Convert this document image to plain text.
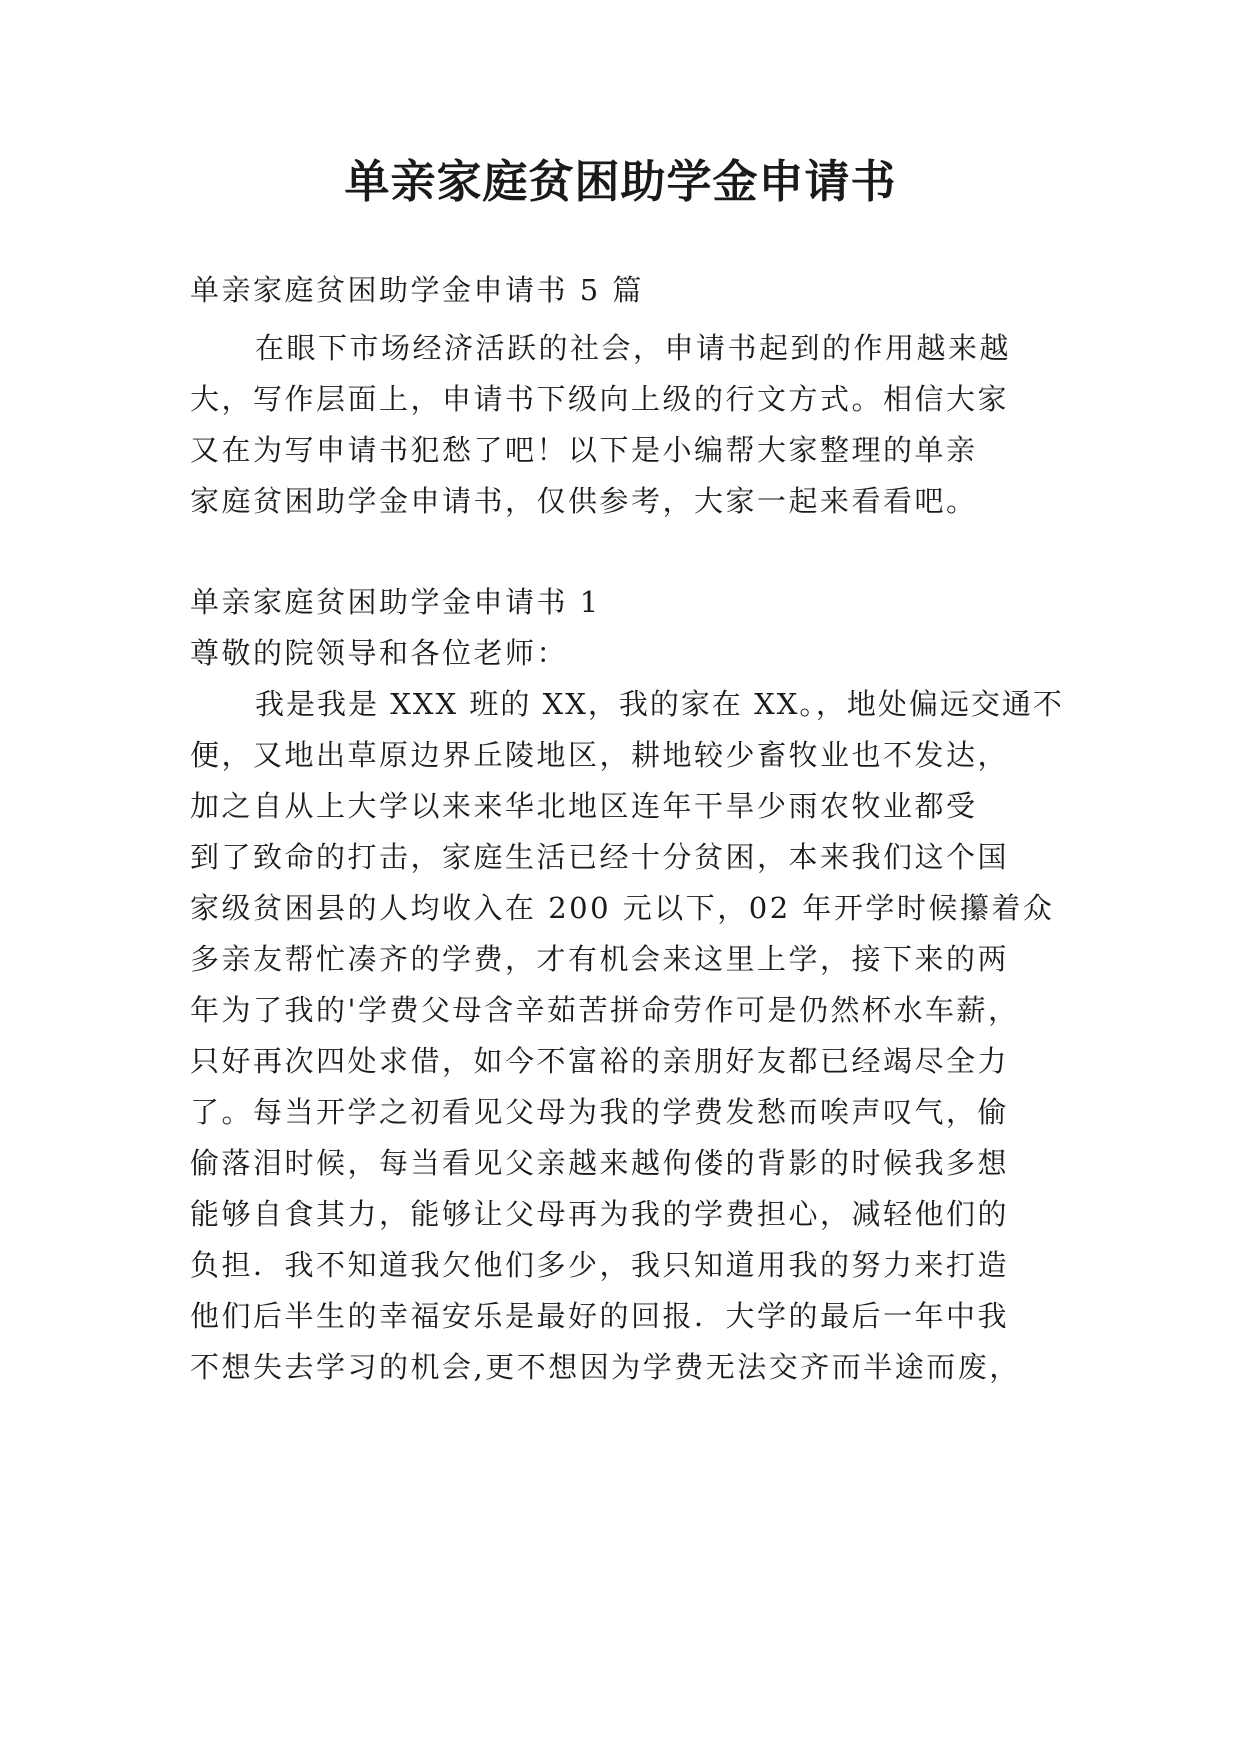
单亲家庭贫困助学金申请书

单亲家庭贫困助学金申请书 5 篇

在眼下市场经济活跃的社会，申请书起到的作用越来越

大，写作层面上，申请书下级向上级的行文方式。相信大家

又在为写申请书犯愁了吧！以下是小编帮大家整理的单亲

家庭贫困助学金申请书，仅供参考，大家一起来看看吧。

单亲家庭贫困助学金申请书 1

尊敬的院领导和各位老师：

我是我是 XXX 班的 XX，我的家在 XX。，地处偏远交通不

便，又地出草原边界丘陵地区，耕地较少畜牧业也不发达，

加之自从上大学以来来华北地区连年干旱少雨农牧业都受

到了致命的打击，家庭生活已经十分贫困，本来我们这个国

家级贫困县的人均收入在 200 元以下，02 年开学时候攥着众

多亲友帮忙凑齐的学费，才有机会来这里上学，接下来的两

年为了我的'学费父母含辛茹苦拼命劳作可是仍然杯水车薪，

只好再次四处求借，如今不富裕的亲朋好友都已经竭尽全力

了。每当开学之初看见父母为我的学费发愁而唉声叹气，偷

偷落泪时候，每当看见父亲越来越佝偻的背影的时候我多想

能够自食其力，能够让父母再为我的学费担心，减轻他们的

负担．我不知道我欠他们多少，我只知道用我的努力来打造

他们后半生的幸福安乐是最好的回报．大学的最后一年中我

不想失去学习的机会,更不想因为学费无法交齐而半途而废，
